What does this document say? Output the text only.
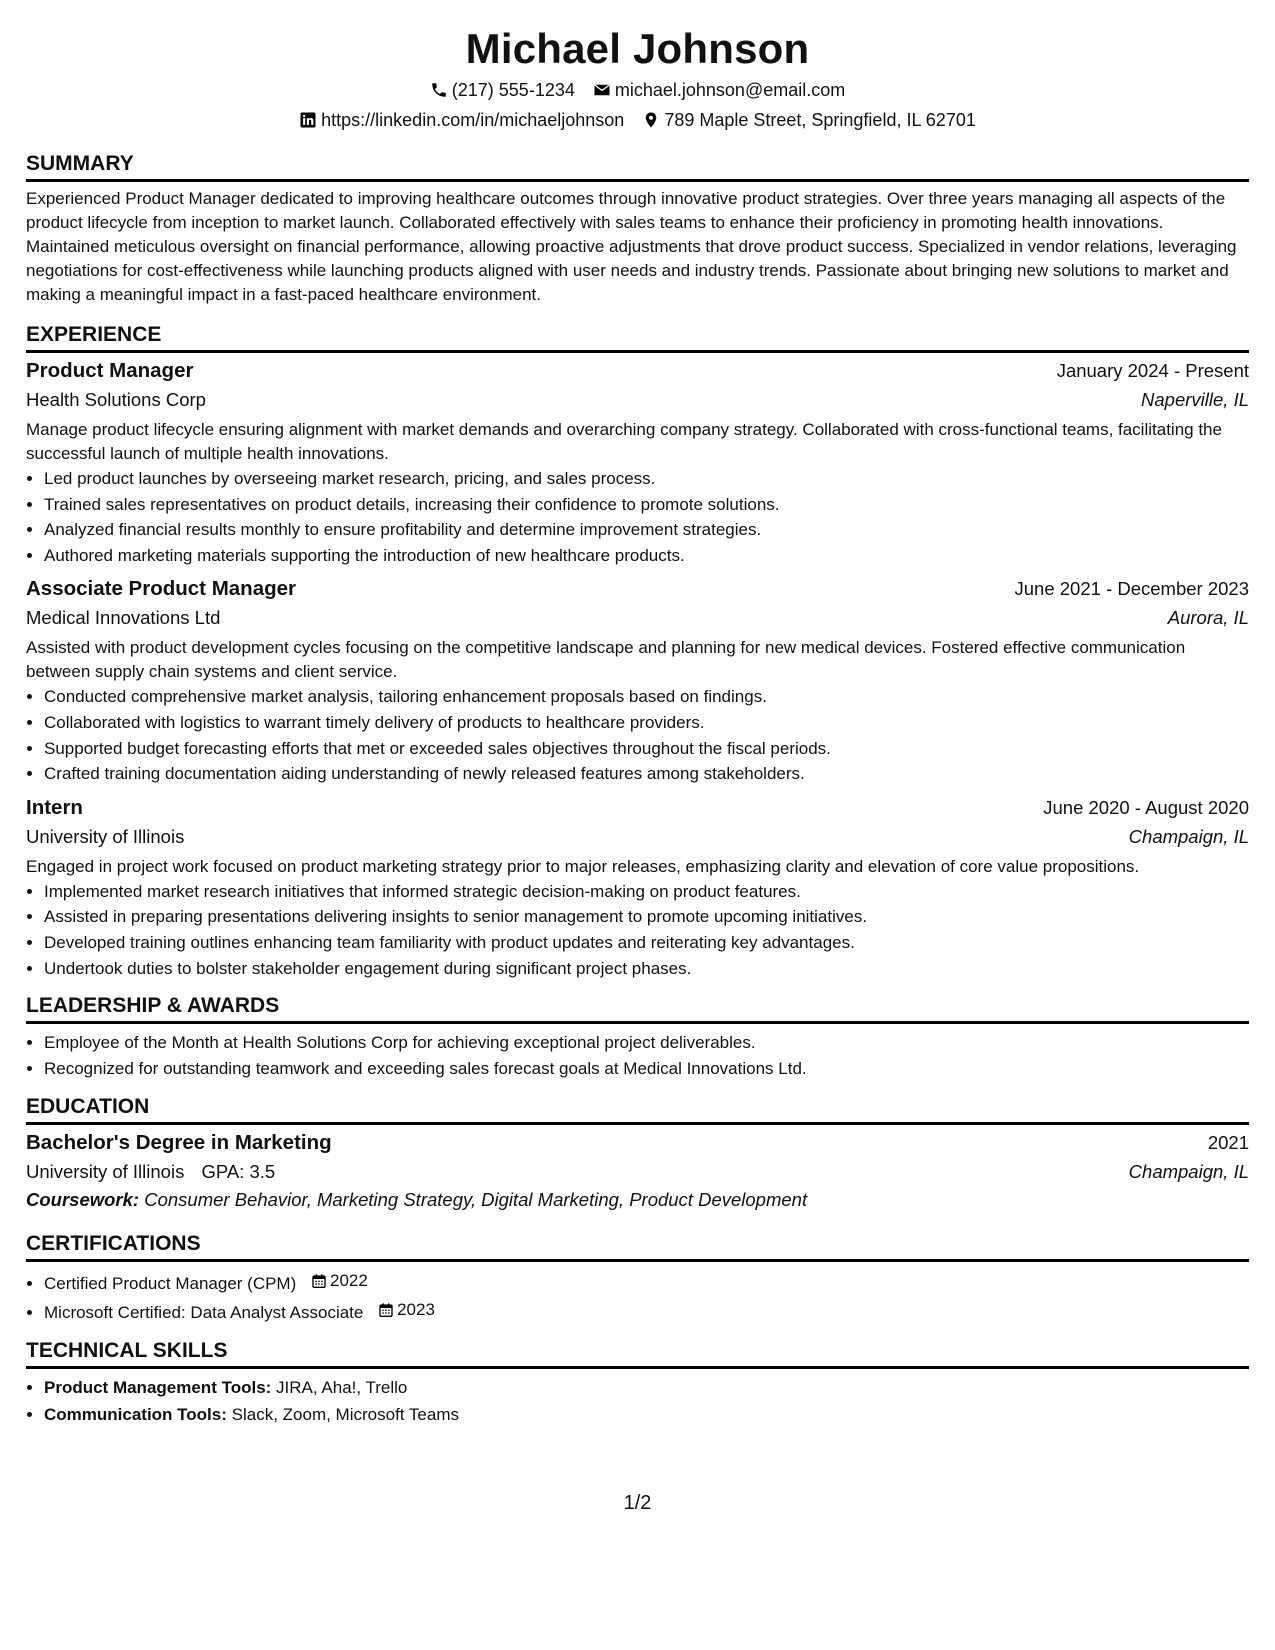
Michael Johnson
(217) 555-1234 michael.johnson@email.com
https://linkedin.com/in/michaeljohnson 789 Maple Street, Springfield, IL 62701
SUMMARY
Experienced Product Manager dedicated to improving healthcare outcomes through innovative product strategies. Over three years managing all aspects of the product lifecycle from inception to market launch. Collaborated effectively with sales teams to enhance their proficiency in promoting health innovations. Maintained meticulous oversight on financial performance, allowing proactive adjustments that drove product success. Specialized in vendor relations, leveraging negotiations for cost-effectiveness while launching products aligned with user needs and industry trends. Passionate about bringing new solutions to market and making a meaningful impact in a fast-paced healthcare environment.
EXPERIENCE
Product Manager	January 2024 - Present
Health Solutions Corp	Naperville, IL
Manage product lifecycle ensuring alignment with market demands and overarching company strategy. Collaborated with cross-functional teams, facilitating the successful launch of multiple health innovations.
• Led product launches by overseeing market research, pricing, and sales process.
• Trained sales representatives on product details, increasing their confidence to promote solutions.
• Analyzed financial results monthly to ensure profitability and determine improvement strategies.
• Authored marketing materials supporting the introduction of new healthcare products.
Associate Product Manager	June 2021 - December 2023
Medical Innovations Ltd	Aurora, IL
Assisted with product development cycles focusing on the competitive landscape and planning for new medical devices. Fostered effective communication between supply chain systems and client service.
• Conducted comprehensive market analysis, tailoring enhancement proposals based on findings.
• Collaborated with logistics to warrant timely delivery of products to healthcare providers.
• Supported budget forecasting efforts that met or exceeded sales objectives throughout the fiscal periods.
• Crafted training documentation aiding understanding of newly released features among stakeholders.
Intern	June 2020 - August 2020
University of Illinois	Champaign, IL
Engaged in project work focused on product marketing strategy prior to major releases, emphasizing clarity and elevation of core value propositions.
• Implemented market research initiatives that informed strategic decision-making on product features.
• Assisted in preparing presentations delivering insights to senior management to promote upcoming initiatives.
• Developed training outlines enhancing team familiarity with product updates and reiterating key advantages.
• Undertook duties to bolster stakeholder engagement during significant project phases.
LEADERSHIP & AWARDS
• Employee of the Month at Health Solutions Corp for achieving exceptional project deliverables.
• Recognized for outstanding teamwork and exceeding sales forecast goals at Medical Innovations Ltd.
EDUCATION
Bachelor's Degree in Marketing	2021
University of Illinois GPA: 3.5	Champaign, IL
Coursework: Consumer Behavior, Marketing Strategy, Digital Marketing, Product Development
CERTIFICATIONS
• Certified Product Manager (CPM) 2022
• Microsoft Certified: Data Analyst Associate 2023
TECHNICAL SKILLS
• Product Management Tools: JIRA, Aha!, Trello
• Communication Tools: Slack, Zoom, Microsoft Teams
1/2
